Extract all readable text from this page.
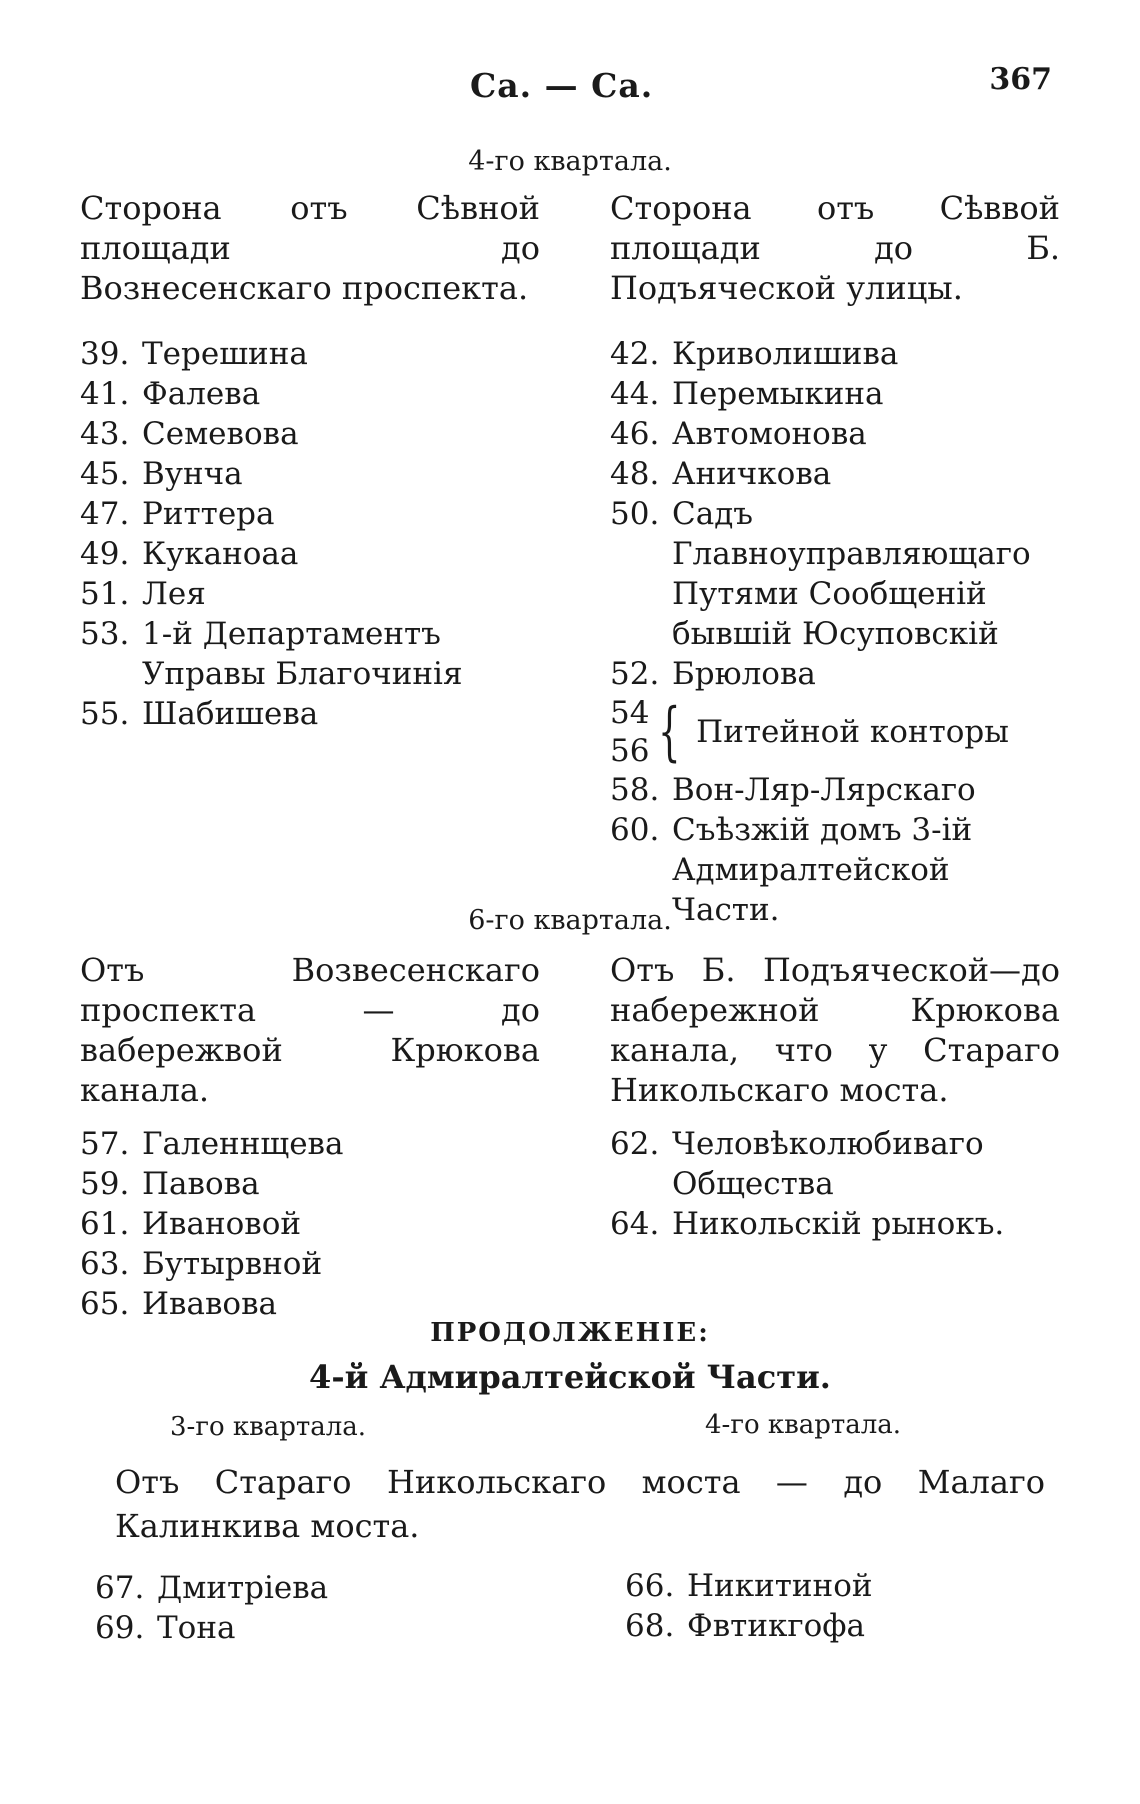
Са. — Са.	367
4-го квартала.
Сторона отъ Сѣвной площади до Вознесенскаго проспекта.
39. Терешина
41. Фалева
43. Семевова
45. Вунча
47. Риттера
49. Куканоаа
51. Лея
53. 1-й Департаментъ Управы Благочинія
55. Шабишева
Сторона отъ Сѣввой площади до Б. Подъяческой улицы.
42. Криволишива
44. Перемыкина
46. Автомонова
48. Аничкова
50. Садъ Главноуправляющаго Путями Сообщеній бывшій Юсуповскій
52. Брюлова
54
56 { Питейной конторы
58. Вон-Ляр-Лярскаго
60. Съѣзжій домъ 3-ій Адмиралтейской Части.
6-го квартала.
Отъ Возвесенскаго проспекта — до вабережвой Крюкова канала.
57. Галеннщева
59. Павова
61. Ивановой
63. Бутырвной
65. Ивавова
Отъ Б. Подъяческой—до набережной Крюкова канала, что у Стараго Никольскаго моста.
62. Человѣколюбиваго Общества
64. Никольскій рынокъ.
ПРОДОЛЖЕНІЕ:
4-й Адмиралтейской Части.
3-го квартала.	4-го квартала.
Отъ Стараго Никольскаго моста — до Малаго Калинкива моста.
67. Дмитріева
69. Тона
66. Никитиной
68. Фвтикгофа
